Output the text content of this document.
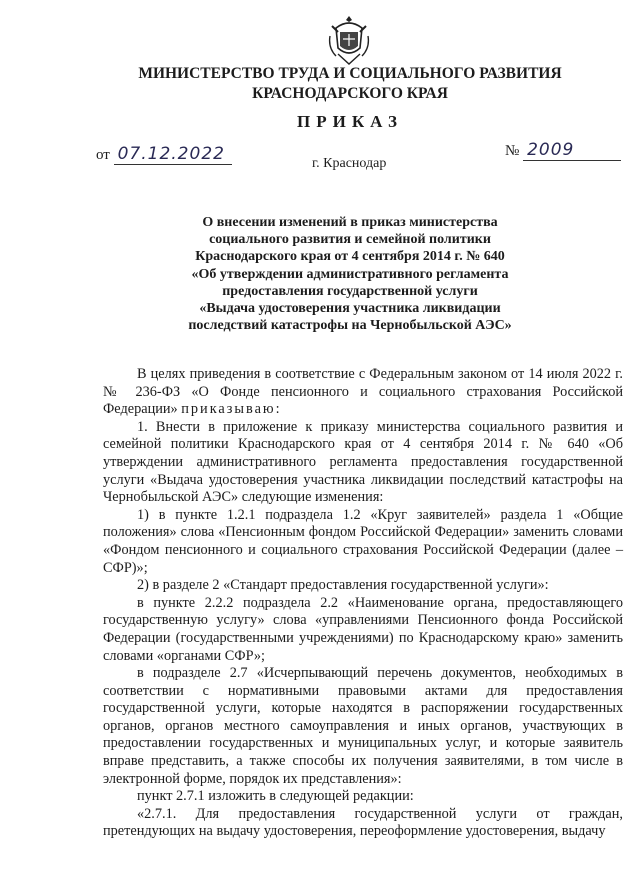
МИНИСТЕРСТВО ТРУДА И СОЦИАЛЬНОГО РАЗВИТИЯ
КРАСНОДАРСКОГО КРАЯ
ПРИКАЗ
от 07.12.2022	№ 2009
г. Краснодар
О внесении изменений в приказ министерства
социального развития и семейной политики
Краснодарского края от 4 сентября 2014 г. № 640
«Об утверждении административного регламента
предоставления государственной услуги
«Выдача удостоверения участника ликвидации
последствий катастрофы на Чернобыльской АЭС»

В целях приведения в соответствие с Федеральным законом от 14 июля 2022 г. № 236-ФЗ «О Фонде пенсионного и социального страхования Российской Федерации» приказываю:

1. Внести в приложение к приказу министерства социального развития и семейной политики Краснодарского края от 4 сентября 2014 г. № 640 «Об утверждении административного регламента предоставления государственной услуги «Выдача удостоверения участника ликвидации последствий катастрофы на Чернобыльской АЭС» следующие изменения:

1) в пункте 1.2.1 подраздела 1.2 «Круг заявителей» раздела 1 «Общие положения» слова «Пенсионным фондом Российской Федерации» заменить словами «Фондом пенсионного и социального страхования Российской Федерации (далее – СФР)»;

2) в разделе 2 «Стандарт предоставления государственной услуги»:

в пункте 2.2.2 подраздела 2.2 «Наименование органа, предоставляющего государственную услугу» слова «управлениями Пенсионного фонда Российской Федерации (государственными учреждениями) по Краснодарскому краю» заменить словами «органами СФР»;

в подразделе 2.7 «Исчерпывающий перечень документов, необходимых в соответствии с нормативными правовыми актами для предоставления государственной услуги, которые находятся в распоряжении государственных органов, органов местного самоуправления и иных органов, участвующих в предоставлении государственных и муниципальных услуг, и которые заявитель вправе представить, а также способы их получения заявителями, в том числе в электронной форме, порядок их представления»:

пункт 2.7.1 изложить в следующей редакции:

«2.7.1. Для предоставления государственной услуги от граждан, претендующих на выдачу удостоверения, переоформление удостоверения, выдачу
